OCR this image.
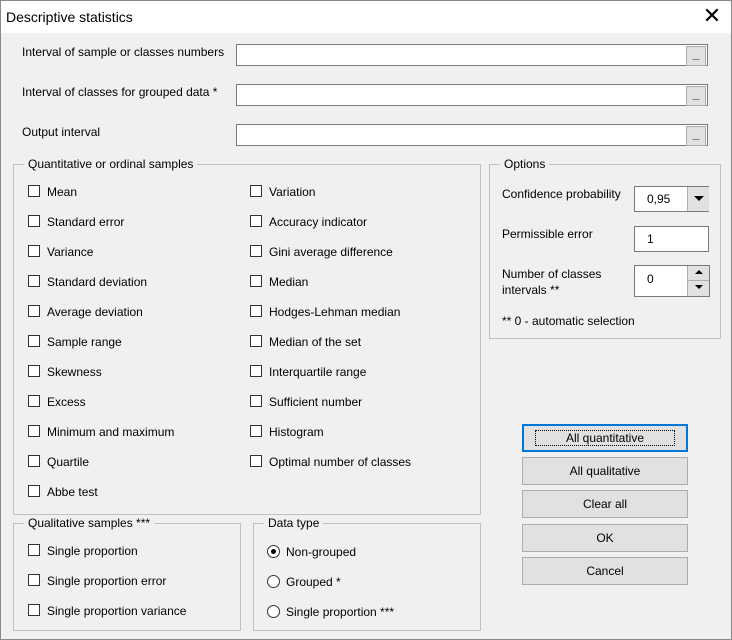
Descriptive statistics	✕
Interval of sample or classes numbers	_
Interval of classes for grouped data *	_
Output interval	_
Quantitative or ordinal samples
Mean
Standard error
Variance
Standard deviation
Average deviation
Sample range
Skewness
Excess
Minimum and maximum
Quartile
Abbe test
Variation
Accuracy indicator
Gini average difference
Median
Hodges-Lehman median
Median of the set
Interquartile range
Sufficient number
Histogram
Optimal number of classes
Options
Confidence probability	0,95
Permissible error	1
Number of classes intervals **
0
** 0 - automatic selection
Qualitative samples ***
Single proportion
Single proportion error
Single proportion variance
Data type
Non-grouped
Grouped *
Single proportion ***
All quantitative
All qualitative
Clear all
OK
Cancel
